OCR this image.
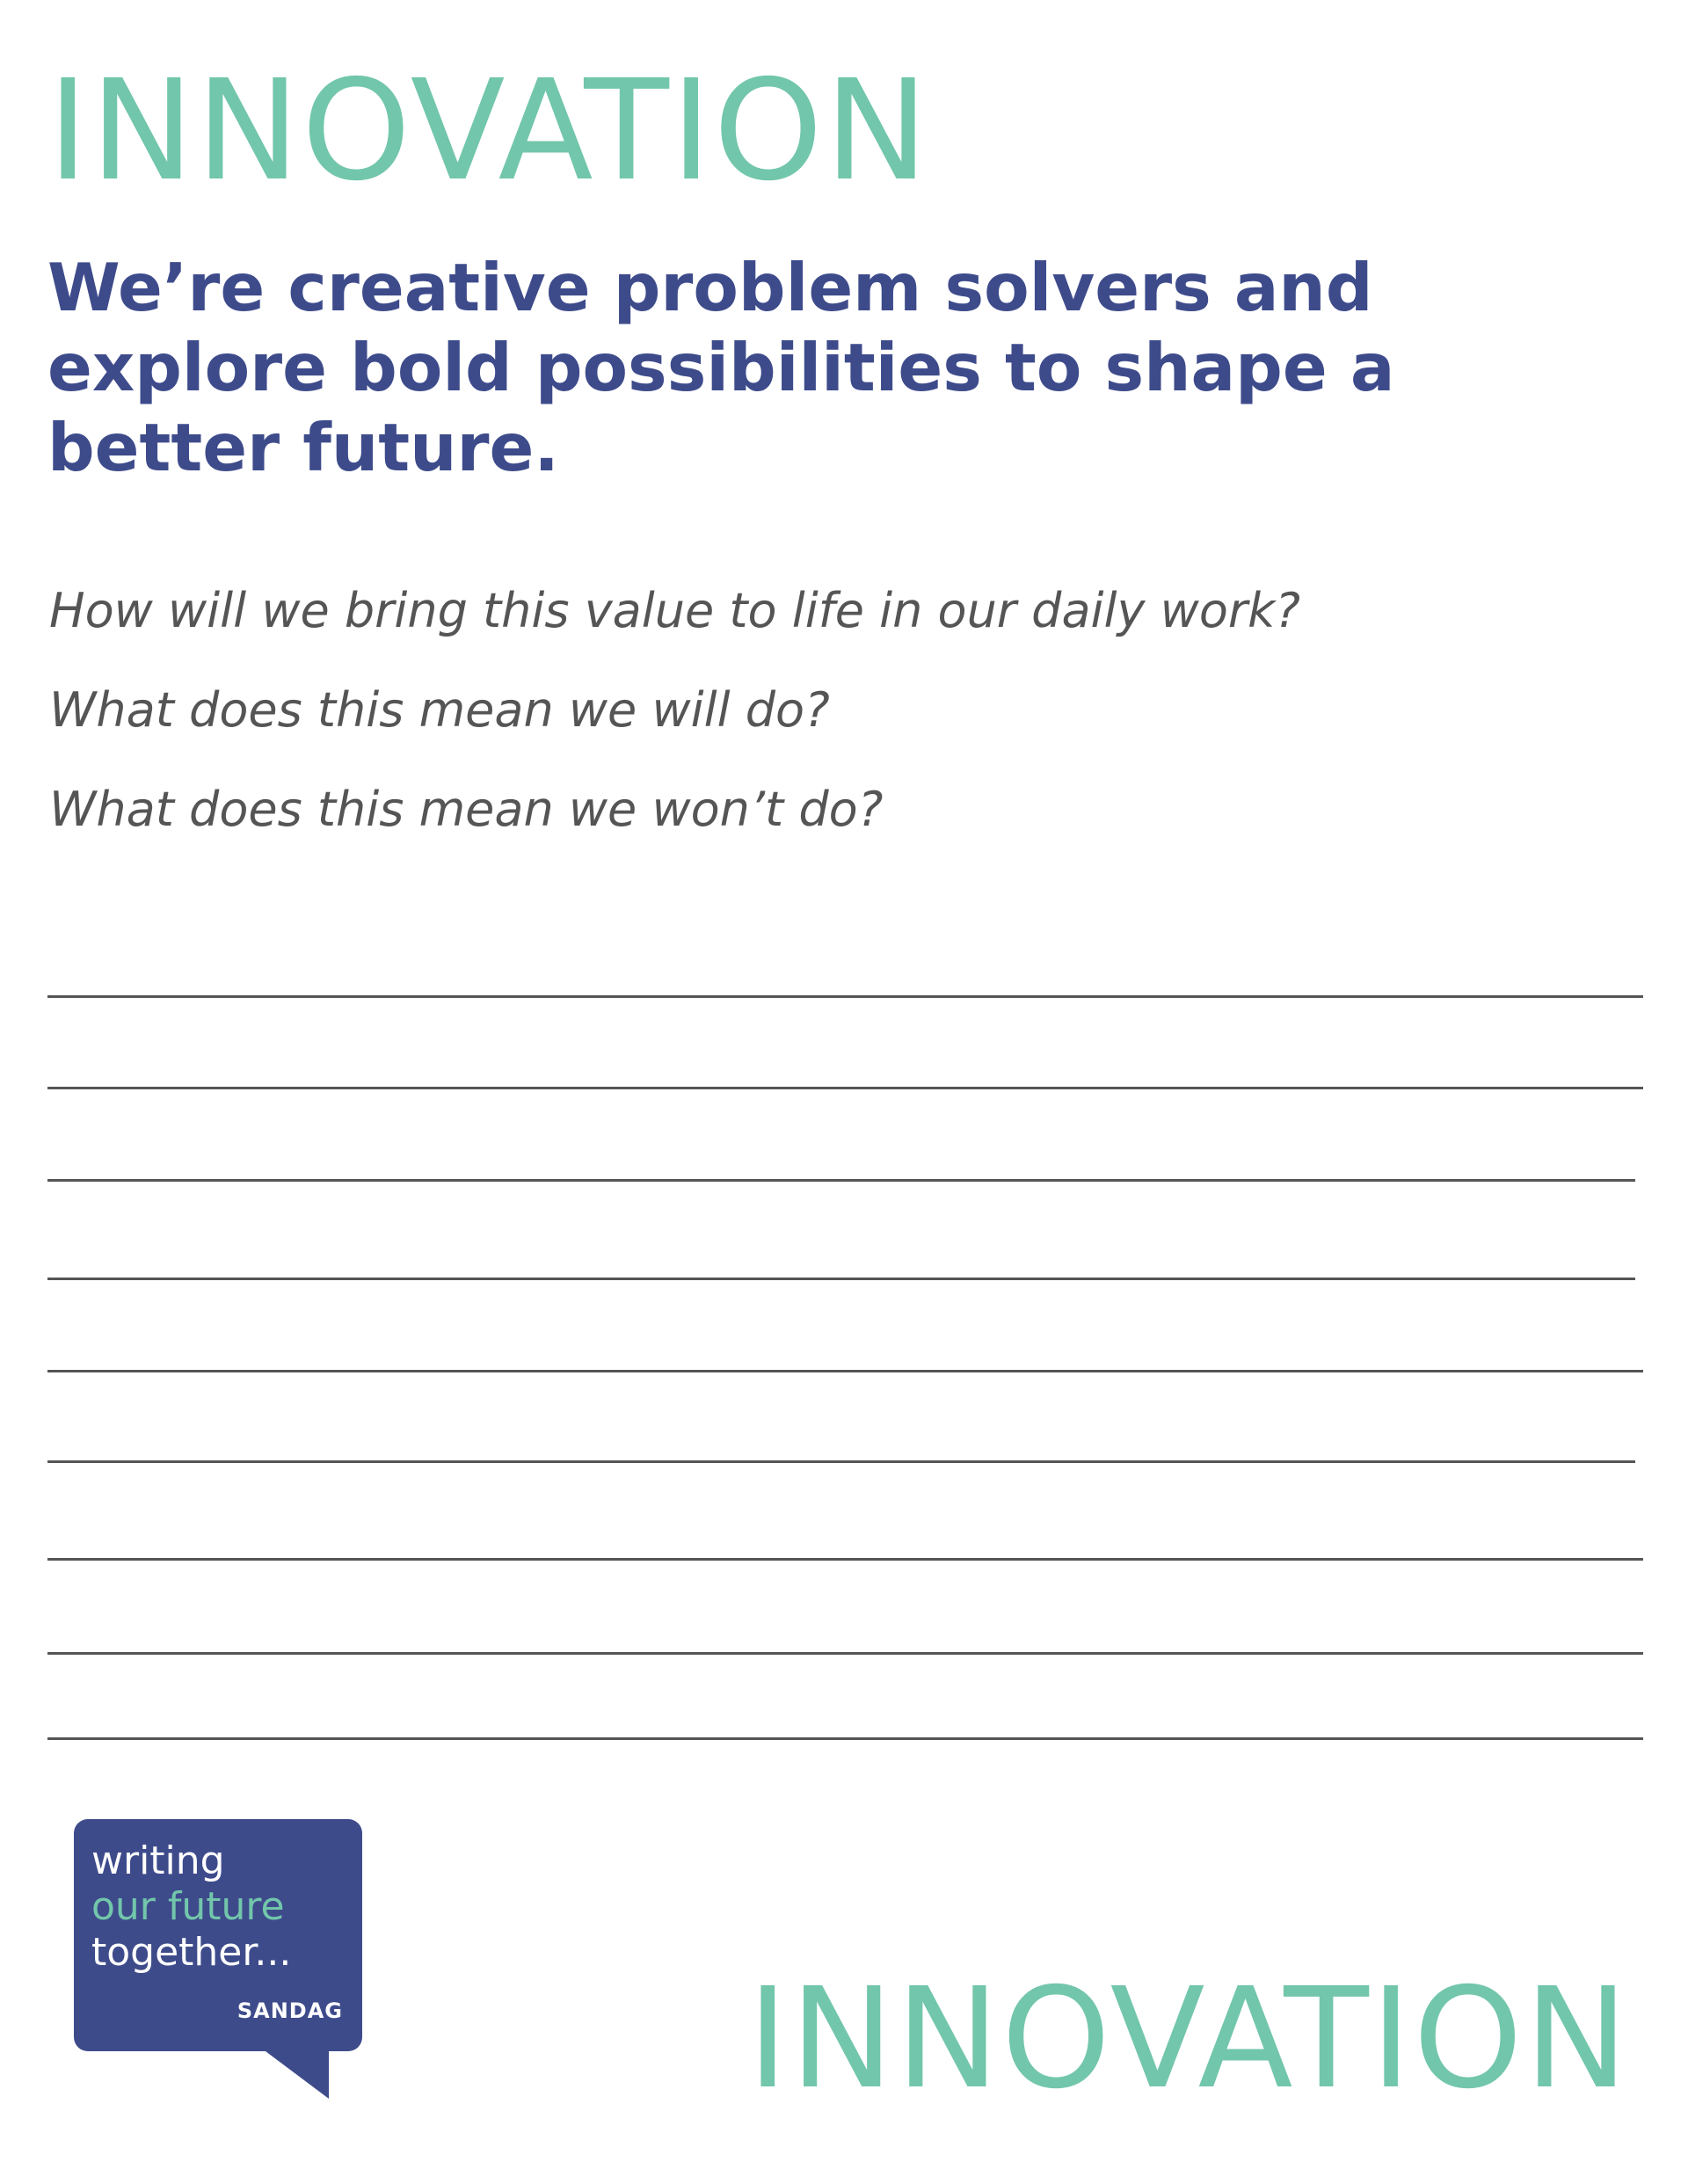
INNOVATION

We’re creative problem solvers and explore bold possibilities to shape a better future.

How will we bring this value to life in our daily work?

What does this mean we will do?

What does this mean we won’t do?

writing
our future
together...

SANDAG	INNOVATION
